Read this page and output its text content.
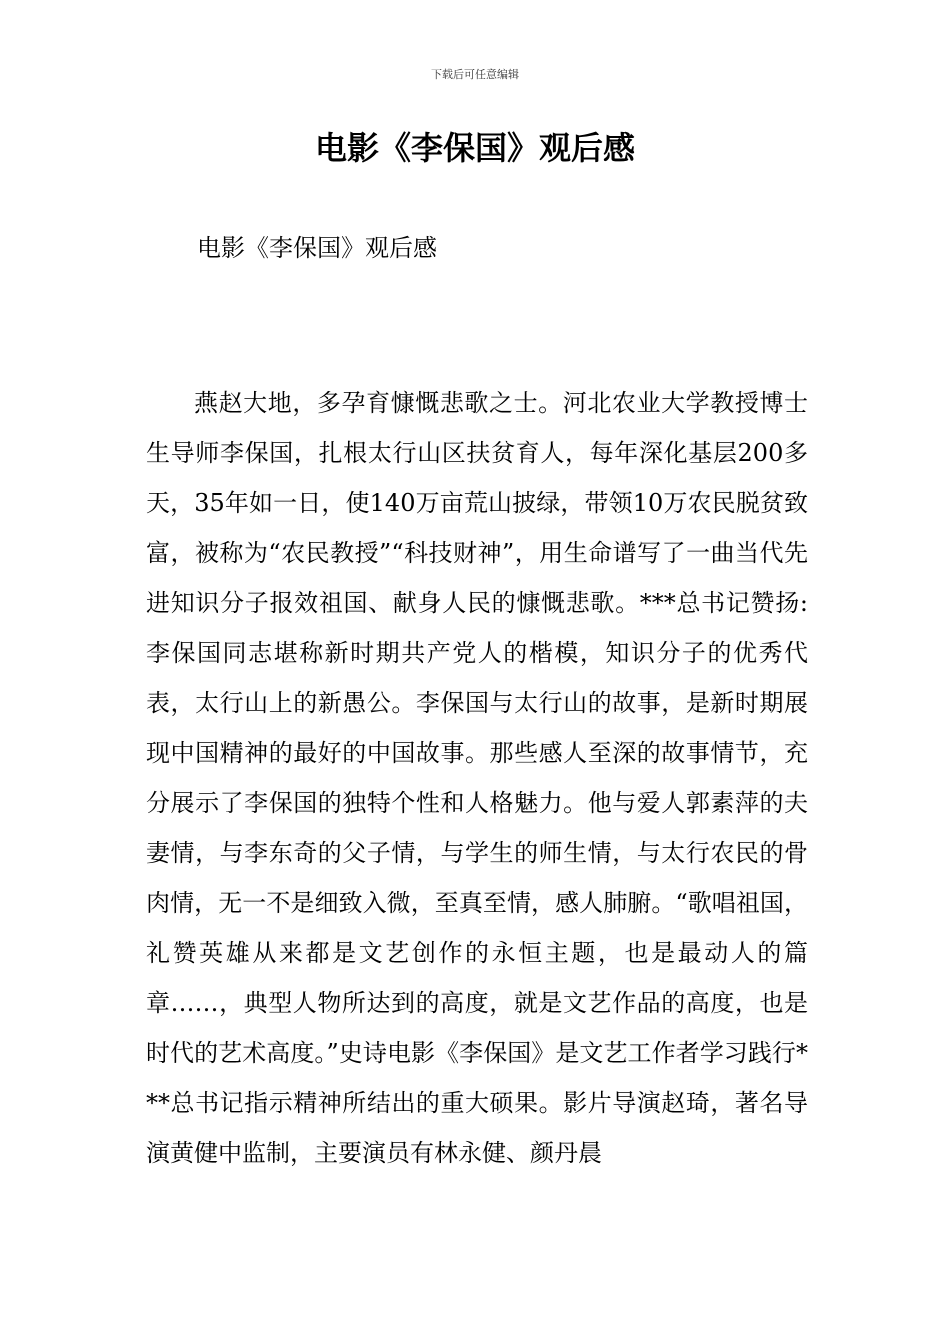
下载后可任意编辑
电影《李保国》观后感
电影《李保国》观后感

燕赵大地，多孕育慷慨悲歌之士。河北农业大学教授博士生导师李保国，扎根太行山区扶贫育人，每年深化基层200多天，35年如一日，使140万亩荒山披绿，带领10万农民脱贫致富，被称为“农民教授”“科技财神”，用生命谱写了一曲当代先进知识分子报效祖国、献身人民的慷慨悲歌。***总书记赞扬:李保国同志堪称新时期共产党人的楷模，知识分子的优秀代表，太行山上的新愚公。李保国与太行山的故事，是新时期展现中国精神的最好的中国故事。那些感人至深的故事情节，充分展示了李保国的独特个性和人格魅力。他与爱人郭素萍的夫妻情，与李东奇的父子情，与学生的师生情，与太行农民的骨肉情，无一不是细致入微，至真至情，感人肺腑。“歌唱祖国，礼赞英雄从来都是文艺创作的永恒主题，也是最动人的篇章……，典型人物所达到的高度，就是文艺作品的高度，也是时代的艺术高度。”史诗电影《李保国》是文艺工作者学习践行***总书记指示精神所结出的重大硕果。影片导演赵琦，著名导演黄健中监制，主要演员有林永健、颜丹晨
